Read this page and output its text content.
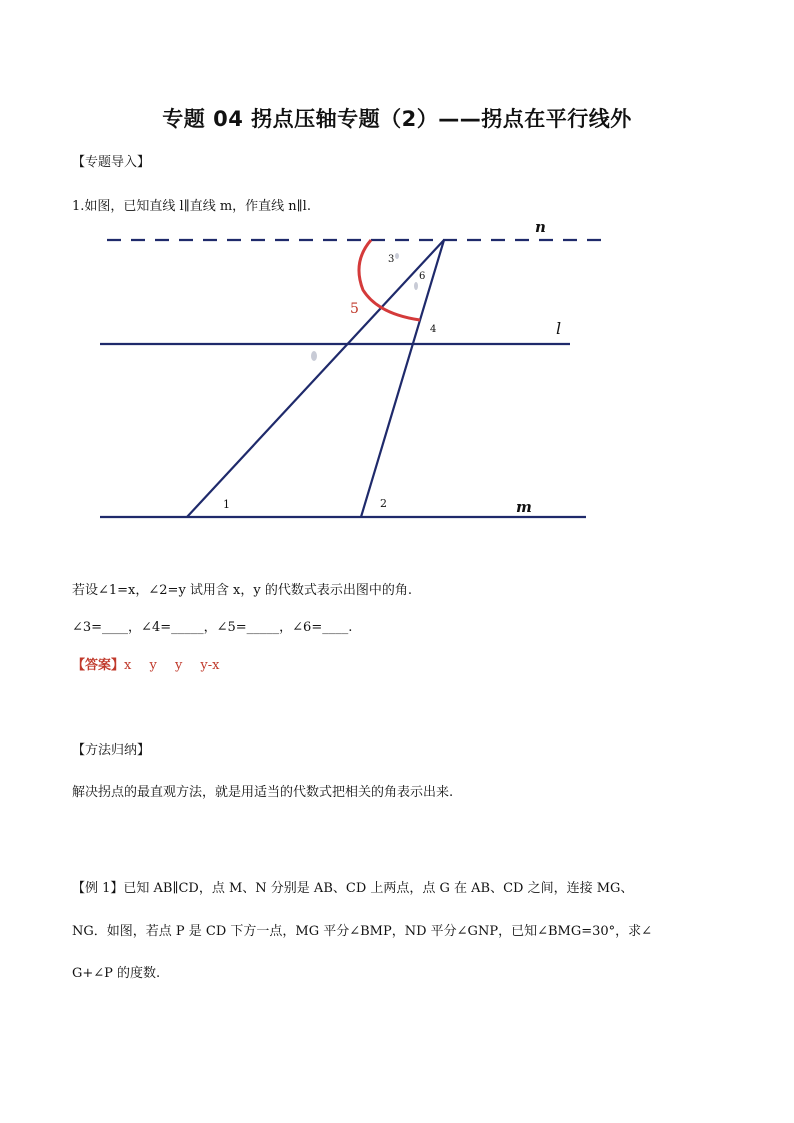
专题 04 拐点压轴专题（2）——拐点在平行线外
【专题导入】
1.如图，已知直线 l∥直线 m，作直线 n∥l.
n
l
m
1	2
3
4
5
6
若设∠1=x，∠2=y 试用含 x，y 的代数式表示出图中的角.
∠3=____，∠4=_____，∠5=_____，∠6=____.
【答案】x y y y-x
【方法归纳】
解决拐点的最直观方法，就是用适当的代数式把相关的角表示出来.
【例 1】已知 AB∥CD，点 M、N 分别是 AB、CD 上两点，点 G 在 AB、CD 之间，连接 MG、
NG．如图，若点 P 是 CD 下方一点，MG 平分∠BMP，ND 平分∠GNP，已知∠BMG=30°，求∠
G+∠P 的度数.
